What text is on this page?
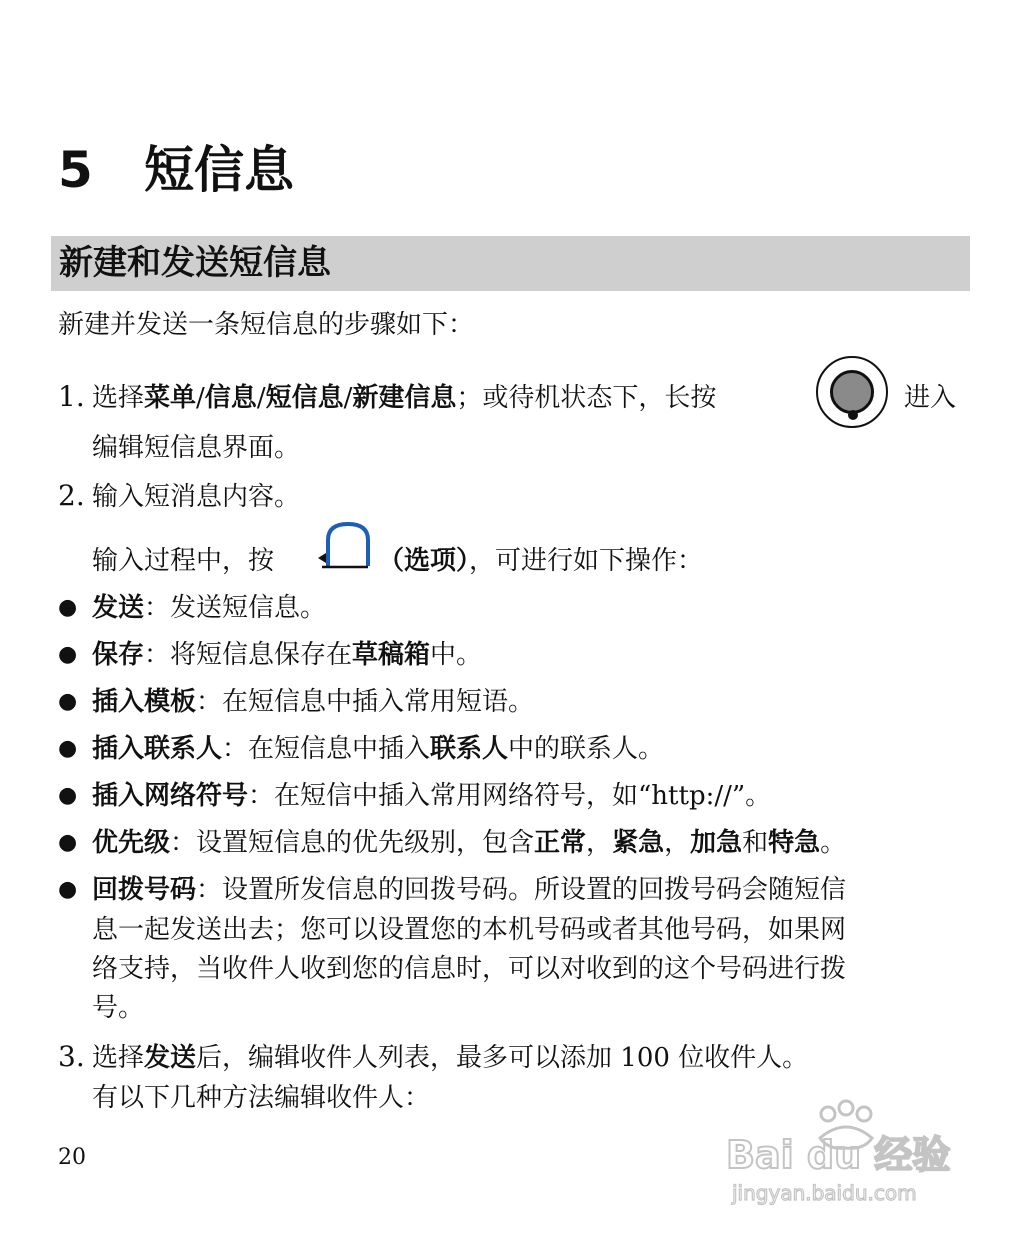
5 短信息
新建和发送短信息
新建并发送一条短信息的步骤如下：
1. 选择菜单/信息/短信息/新建信息；或待机状态下，长按	进入
编辑短信息界面。
2. 输入短消息内容。
输入过程中，按	（选项），可进行如下操作：
● 发送：发送短信息。
● 保存：将短信息保存在草稿箱中。
● 插入模板：在短信息中插入常用短语。
● 插入联系人：在短信息中插入联系人中的联系人。
● 插入网络符号：在短信中插入常用网络符号，如“http://”。
● 优先级：设置短信息的优先级别，包含正常，紧急，加急和特急。
● 回拨号码：设置所发信息的回拨号码。所设置的回拨号码会随短信
息一起发送出去；您可以设置您的本机号码或者其他号码，如果网
络支持，当收件人收到您的信息时，可以对收到的这个号码进行拨
号。
3. 选择发送后，编辑收件人列表，最多可以添加 100 位收件人。
有以下几种方法编辑收件人：
20	Bai du 经验
jingyan.baidu.com
